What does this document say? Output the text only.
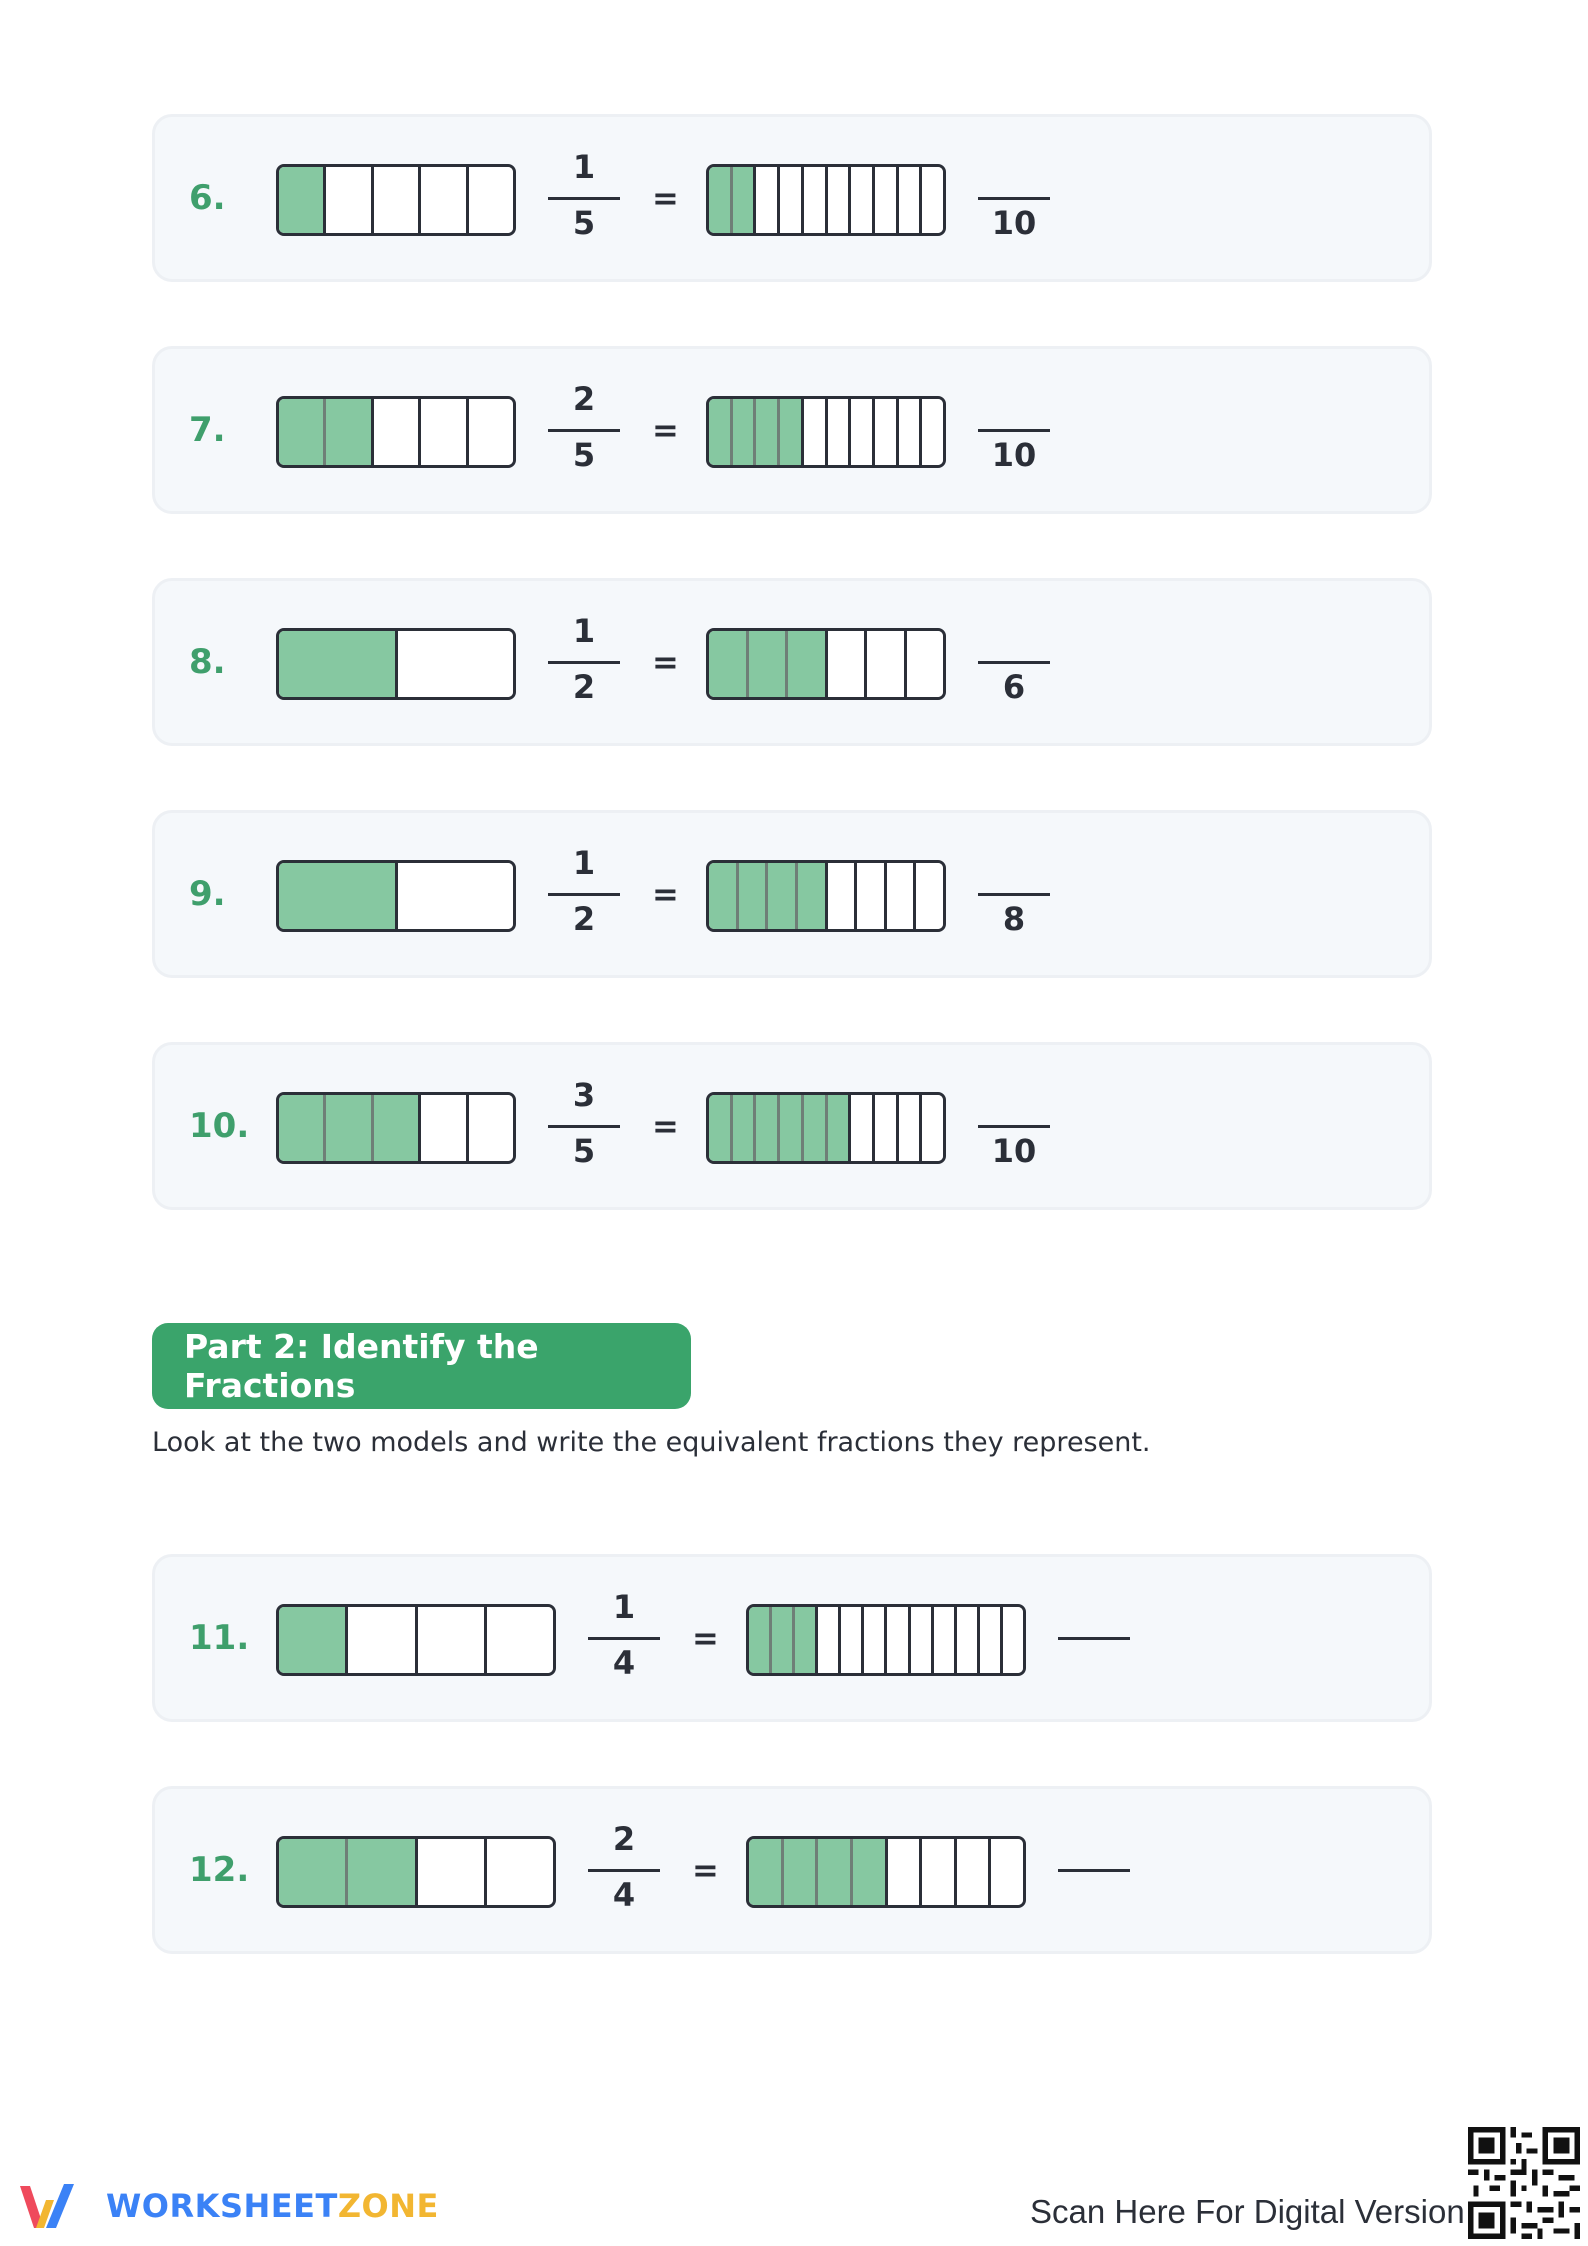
6.
1
5
=
10
7.
2
5
=
10
8.
1
2
=
6
9.
1
2
=
8
10.
3
5
=
10
Part 2: Identify the Fractions
Look at the two models and write the equivalent fractions they represent.
11.
1
4
=
12.
2
4
=
WORKSHEETZONE	Scan Here For Digital Version
